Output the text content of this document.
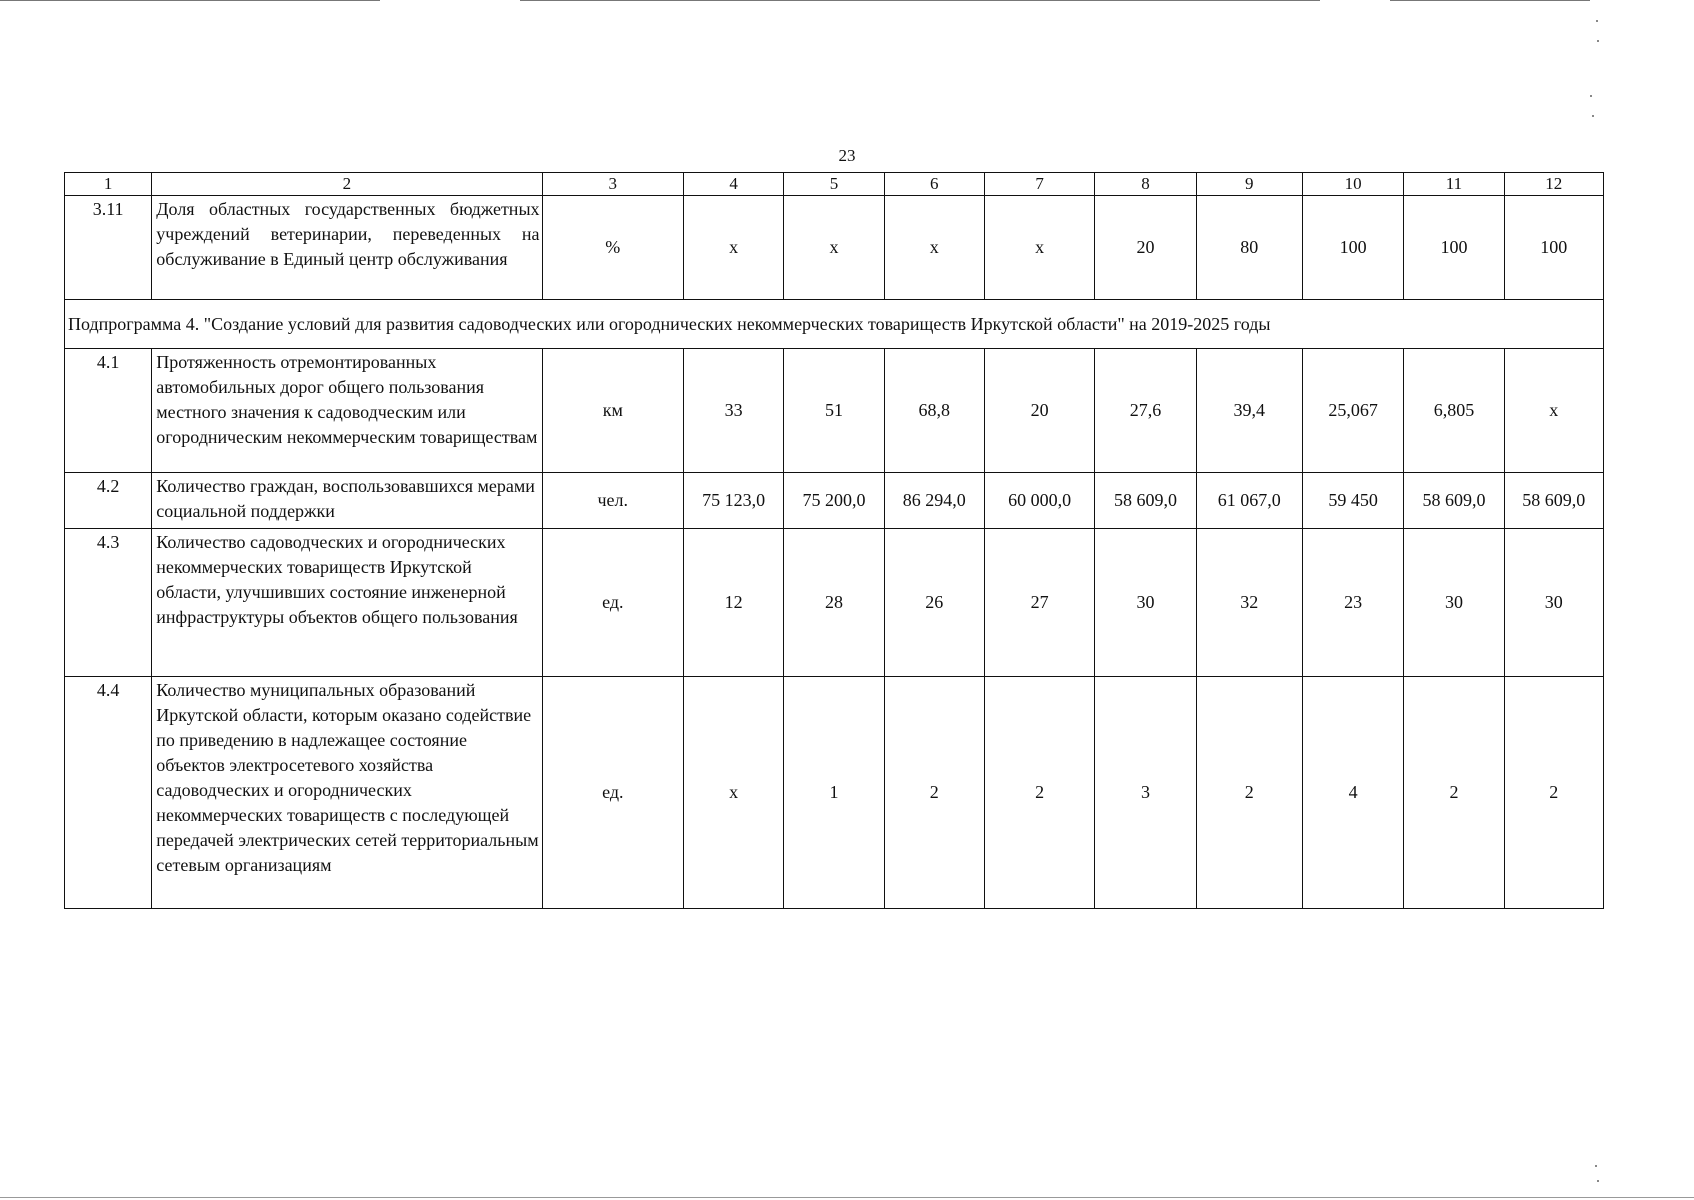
23
1	2	3	4	5	6	7	8	9	10	11	12
3.11	Доля областных государственных бюджетных учреждений ветеринарии, переведенных на обслуживание в Единый центр обслуживания	%	х	х	х	х	20	80	100	100	100
Подпрограмма 4. "Создание условий для развития садоводческих или огороднических некоммерческих товариществ Иркутской области" на 2019-2025 годы											
4.1	Протяженность отремонтированных автомобильных дорог общего пользования местного значения к садоводческим или огородническим некоммерческим товариществам	км	33	51	68,8	20	27,6	39,4	25,067	6,805	х
4.2	Количество граждан, воспользовавшихся мерами социальной поддержки	чел.	75 123,0	75 200,0	86 294,0	60 000,0	58 609,0	61 067,0	59 450	58 609,0	58 609,0
4.3	Количество садоводческих и огороднических некоммерческих товариществ Иркутской области, улучшивших состояние инженерной инфраструктуры объектов общего пользования	ед.	12	28	26	27	30	32	23	30	30
4.4	Количество муниципальных образований Иркутской области, которым оказано содействие по приведению в надлежащее состояние объектов электросетевого хозяйства садоводческих и огороднических некоммерческих товариществ с последующей передачей электрических сетей территориальным сетевым организациям	ед.	х	1	2	2	3	2	4	2	2
